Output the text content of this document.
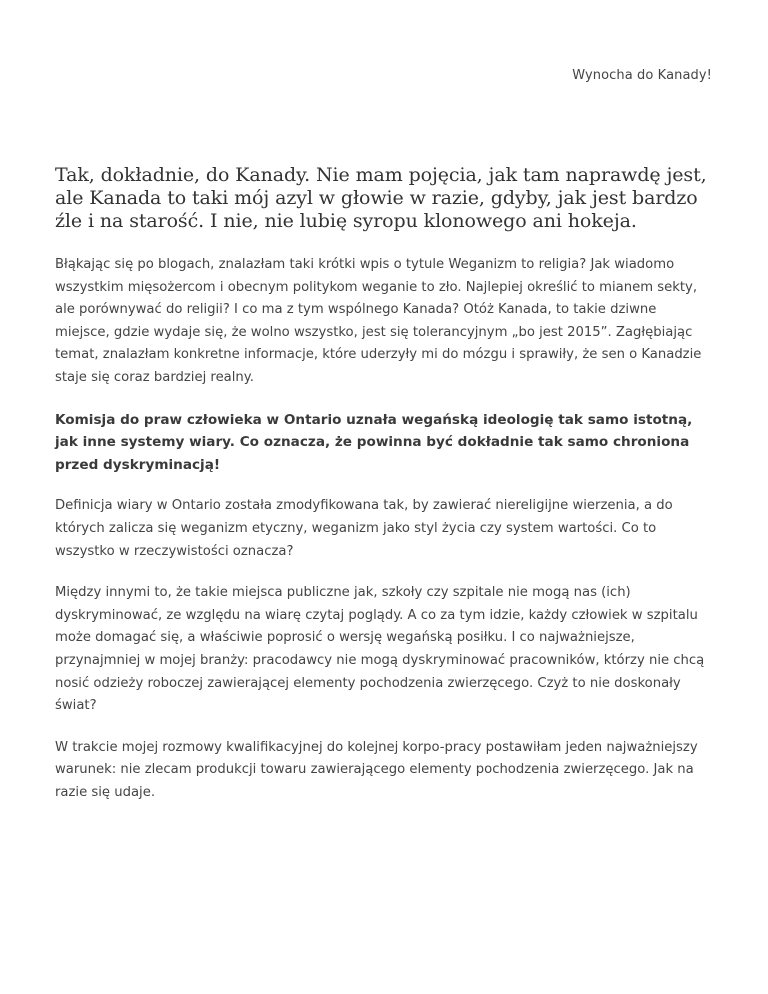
Wynocha do Kanady!

Tak, dokładnie, do Kanady. Nie mam pojęcia, jak tam naprawdę jest, ale Kanada to taki mój azyl w głowie w razie, gdyby, jak jest bardzo źle i na starość. I nie, nie lubię syropu klonowego ani hokeja.

Błąkając się po blogach, znalazłam taki krótki wpis o tytule Weganizm to religia? Jak wiadomo wszystkim mięsożercom i obecnym politykom weganie to zło. Najlepiej określić to mianem sekty, ale porównywać do religii? I co ma z tym wspólnego Kanada? Otóż Kanada, to takie dziwne miejsce, gdzie wydaje się, że wolno wszystko, jest się tolerancyjnym „bo jest 2015”. Zagłębiając temat, znalazłam konkretne informacje, które uderzyły mi do mózgu i sprawiły, że sen o Kanadzie staje się coraz bardziej realny.

Komisja do praw człowieka w Ontario uznała wegańską ideologię tak samo istotną, jak inne systemy wiary. Co oznacza, że powinna być dokładnie tak samo chroniona przed dyskryminacją!

Definicja wiary w Ontario została zmodyfikowana tak, by zawierać niereligijne wierzenia, a do których zalicza się weganizm etyczny, weganizm jako styl życia czy system wartości. Co to wszystko w rzeczywistości oznacza?

Między innymi to, że takie miejsca publiczne jak, szkoły czy szpitale nie mogą nas (ich) dyskryminować, ze względu na wiarę czytaj poglądy. A co za tym idzie, każdy człowiek w szpitalu może domagać się, a właściwie poprosić o wersję wegańską posiłku. I co najważniejsze, przynajmniej w mojej branży: pracodawcy nie mogą dyskryminować pracowników, którzy nie chcą nosić odzieży roboczej zawierającej elementy pochodzenia zwierzęcego. Czyż to nie doskonały świat?

W trakcie mojej rozmowy kwalifikacyjnej do kolejnej korpo-pracy postawiłam jeden najważniejszy warunek: nie zlecam produkcji towaru zawierającego elementy pochodzenia zwierzęcego. Jak na razie się udaje.
